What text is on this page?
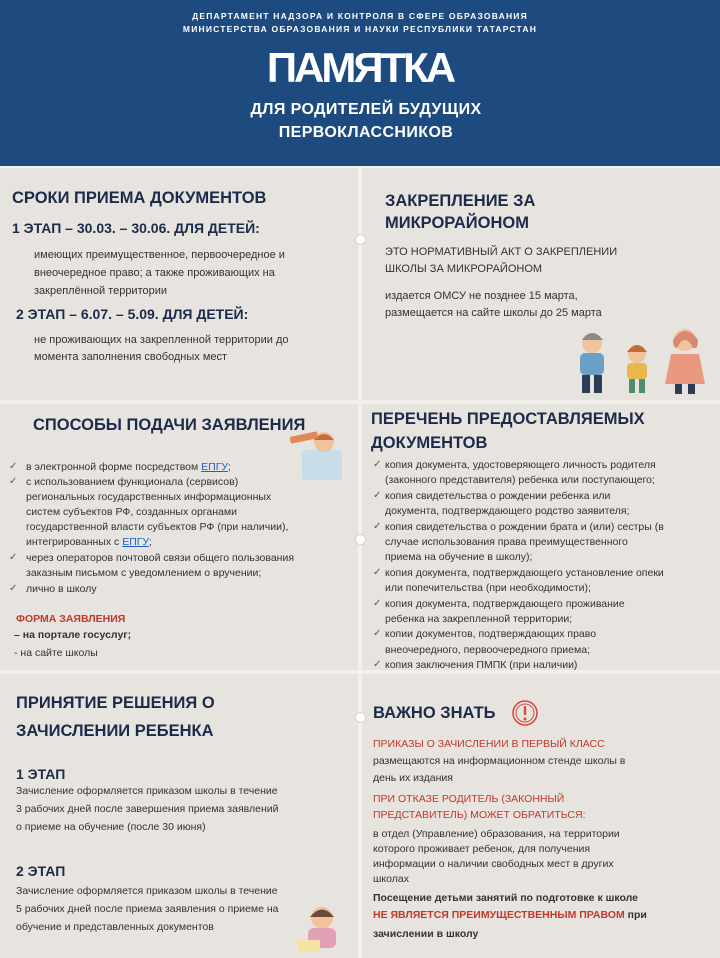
ДЕПАРТАМЕНТ НАДЗОРА И КОНТРОЛЯ В СФЕРЕ ОБРАЗОВАНИЯ
МИНИСТЕРСТВА ОБРАЗОВАНИЯ И НАУКИ РЕСПУБЛИКИ ТАТАРСТАН
ПАМЯТКА
ДЛЯ РОДИТЕЛЕЙ БУДУЩИХ
ПЕРВОКЛАССНИКОВ
СРОКИ ПРИЕМА ДОКУМЕНТОВ
1 ЭТАП – 30.03. – 30.06. ДЛЯ ДЕТЕЙ:
имеющих преимущественное, первоочередное и
внеочередное право; а также проживающих на
закреплённой территории
2 ЭТАП – 6.07. – 5.09. ДЛЯ ДЕТЕЙ:
не проживающих на закрепленной территории до
момента заполнения свободных мест
ЗАКРЕПЛЕНИЕ ЗА
МИКРОРАЙОНОМ
ЭТО НОРМАТИВНЫЙ АКТ О ЗАКРЕПЛЕНИИ
ШКОЛЫ ЗА МИКРОРАЙОНОМ
издается ОМСУ не позднее 15 марта,
размещается на сайте школы до 25 марта
СПОСОБЫ ПОДАЧИ ЗАЯВЛЕНИЯ
✓ в электронной форме посредством ЕПГУ;
✓ с использованием функционала (сервисов)
региональных государственных информационных
систем субъектов РФ, созданных органами
государственной власти субъектов РФ (при наличии),
интегрированных с ЕПГУ;
✓ через операторов почтовой связи общего пользования
заказным письмом с уведомлением о вручении;
✓ лично в школу
ФОРМА ЗАЯВЛЕНИЯ
– на портале госуслуг;
- на сайте школы
ПЕРЕЧЕНЬ ПРЕДОСТАВЛЯЕМЫХ
ДОКУМЕНТОВ
✓ копия документа, удостоверяющего личность родителя
(законного представителя) ребенка или поступающего;
✓ копия свидетельства о рождении ребенка или
документа, подтверждающего родство заявителя;
✓ копия свидетельства о рождении брата и (или) сестры (в
случае использования права преимущественного
приема на обучение в школу);
✓ копия документа, подтверждающего установление опеки
или попечительства (при необходимости);
✓ копия документа, подтверждающего проживание
ребенка на закрепленной территории;
✓ копии документов, подтверждающих право
внеочередного, первоочередного приема;
✓ копия заключения ПМПК (при наличии)
ПРИНЯТИЕ РЕШЕНИЯ О
ЗАЧИСЛЕНИИ РЕБЕНКА
1 ЭТАП
Зачисление оформляется приказом школы в течение
3 рабочих дней после завершения приема заявлений
о приеме на обучение (после 30 июня)
2 ЭТАП
Зачисление оформляется приказом школы в течение
5 рабочих дней после приема заявления о приеме на
обучение и представленных документов
ВАЖНО ЗНАТЬ
ПРИКАЗЫ О ЗАЧИСЛЕНИИ В ПЕРВЫЙ КЛАСС
размещаются на информационном стенде школы в
день их издания
ПРИ ОТКАЗЕ РОДИТЕЛЬ (ЗАКОННЫЙ
ПРЕДСТАВИТЕЛЬ) МОЖЕТ ОБРАТИТЬСЯ:
в отдел (Управление) образования, на территории
которого проживает ребенок, для получения
информации о наличии свободных мест в других
школах
Посещение детьми занятий по подготовке к школе
НЕ ЯВЛЯЕТСЯ ПРЕИМУЩЕСТВЕННЫМ ПРАВОМ при
зачислении в школу
